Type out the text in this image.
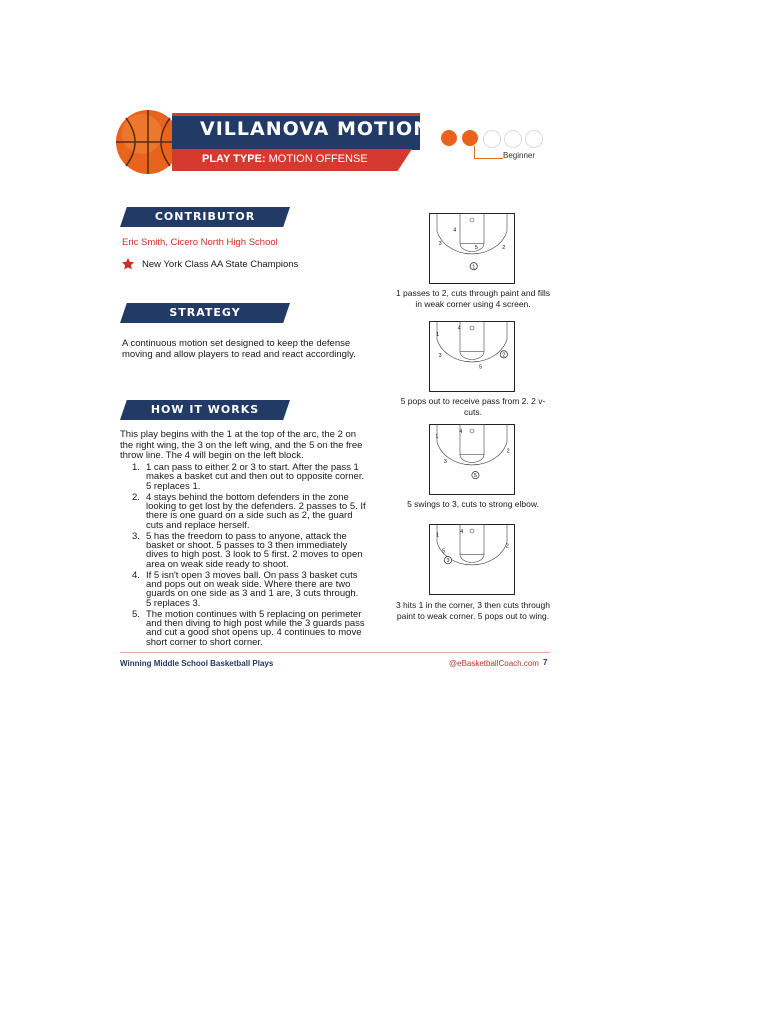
VILLANOVA MOTION
PLAY TYPE: MOTION OFFENSE	Beginner
CONTRIBUTOR
Eric Smith, Cicero North High School
New York Class AA State Champions
STRATEGY
A continuous motion set designed to keep the defense moving and allow players to read and react accordingly.
HOW IT WORKS
This play begins with the 1 at the top of the arc, the 2 on the right wing, the 3 on the left wing, and the 5 on the free throw line. The 4 will begin on the left block.
1. 1 can pass to either 2 or 3 to start. After the pass 1 makes a basket cut and then out to opposite corner. 5 replaces 1.
2. 4 stays behind the bottom defenders in the zone looking to get lost by the defenders. 2 passes to 5. If there is one guard on a side such as 2, the guard cuts and replace herself.
3. 5 has the freedom to pass to anyone, attack the basket or shoot. 5 passes to 3 then immediately dives to high post. 3 look to 5 first. 2 moves to open area on weak side ready to shoot.
4. If 5 isn't open 3 moves ball. On pass 3 basket cuts and pops out on weak side. Where there are two guards on one side as 3 and 1 are, 3 cuts through. 5 replaces 3.
5. The motion continues with 5 replacing on perimeter and then diving to high post while the 3 guards pass and cut a good shot opens up. 4 continues to move short corner to short corner.
4
3
5	2
1
1 passes to 2, cuts through paint and fills in weak corner using 4 screen.
1
4
3	2
5
5 pops out to receive pass from 2. 2 v-cuts.
1
4
2
3
5
5 swings to 3, cuts to strong elbow.
1
4
2
5
3
3 hits 1 in the corner, 3 then cuts through paint to weak corner. 5 pops out to wing.
Winning Middle School Basketball Plays	@eBasketballCoach.com 7
